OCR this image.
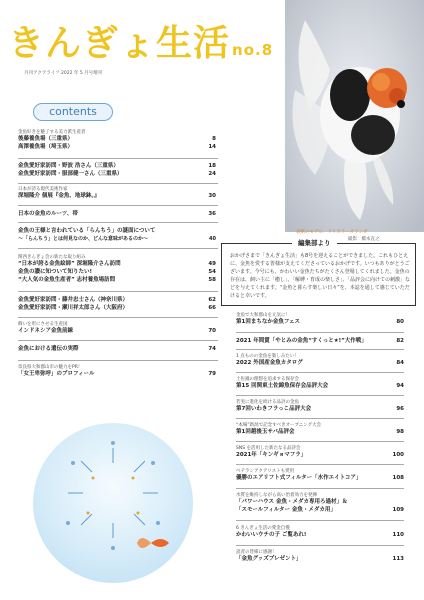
きんぎょ生活 no.8
月刊アクアライフ 2022 年 5 月号増刊
表紙のモデル：ドリカラーオランダ
撮影：橋本直之
contents
金魚好きを魅了する美力派生産者
後藤養魚場（三重県）	8
高澤養魚場（埼玉県）	14
金魚愛好家訪問・野波 浩さん（三重県）	18
金魚愛好家訪問・服部健一さん（三重県）	24
日本が誇る現代美術作家
深堀隆介 個展『金魚、地球鉢。』	30
日本の金魚のルーツ、帯	36
金魚の王様と言われている「らんちう」の謎面について
〜「らんちう」とは何見なのか、どんな意味があるのか〜	40
関西きんぎょ会の新たな取り組み
“日本が誇る金魚絵師” 深堀隆介さん訪問	49
金魚の讃に知ついて知りたい!	54
“大人気の金魚生産者” 志村養魚場訪問	58
金魚愛好家訪問・藤井忠士さん（神奈川県）	62
金魚愛好家訪問・瀬川祥太郎さん（大阪府）	66
飾いを形にさせる生産国
インドネシア金魚前線	70
金魚における遺伝の実際	74
奈良県大和郡山市の魅力をPR！
「女王卑弥呼」のプロフィール	79
編集部より
おかげさまで「きんぎょ生活」も8号を迎えることができました。これもひとえに、金魚を愛する皆様が支えてくださっているおかげです。いつもありがとうございます。今号にも、かわいい金魚たちがたくさん登場してくれました。金魚の存在は、飼い主に「癒し」、「解縛・育成の楽しさ」、「品評会に向けての刺激」などを与えてくれます。“金魚と暮らす楽しい日々”を、本誌を通して感じていただけると幸いです。
金魚で大和郡山を元気に！
第1回まちなか金魚フェス	80
2021 年間賞「やとみの金魚“すくっと★!”大作戦」	82
1 点ものの金魚を楽しみたい！
2022 外国産金魚カタログ	84
土佐錦の理想を追求する保存会
第15 回関東土佐錦魚保存会品評大会	94
若実に進化を続ける品評の金魚
第7回いわきフラっこ品評大会	96
“本場”新潟で記念すべきオーブニング大会
第1回越後玉サバ品評会	98
SNS を活用した新たなる品評会
2021年「キンギョマフラ」	100
ベテランアクアリストも愛用
優勝のエアリフト式フィルター「水作エイトコア」	108
水質を維持しながら高い治着効力を発揮
「パワーハウス 金魚・メダカ専用ろ過材」＆
「スモールフィルター 金魚・メダカ用」	109
6 きんぎょ生活の愛金自慢
かわいいウチの子 ご覧あれ!	110
読者の皆様に感謝！
「金魚グッズプレゼント」	113
